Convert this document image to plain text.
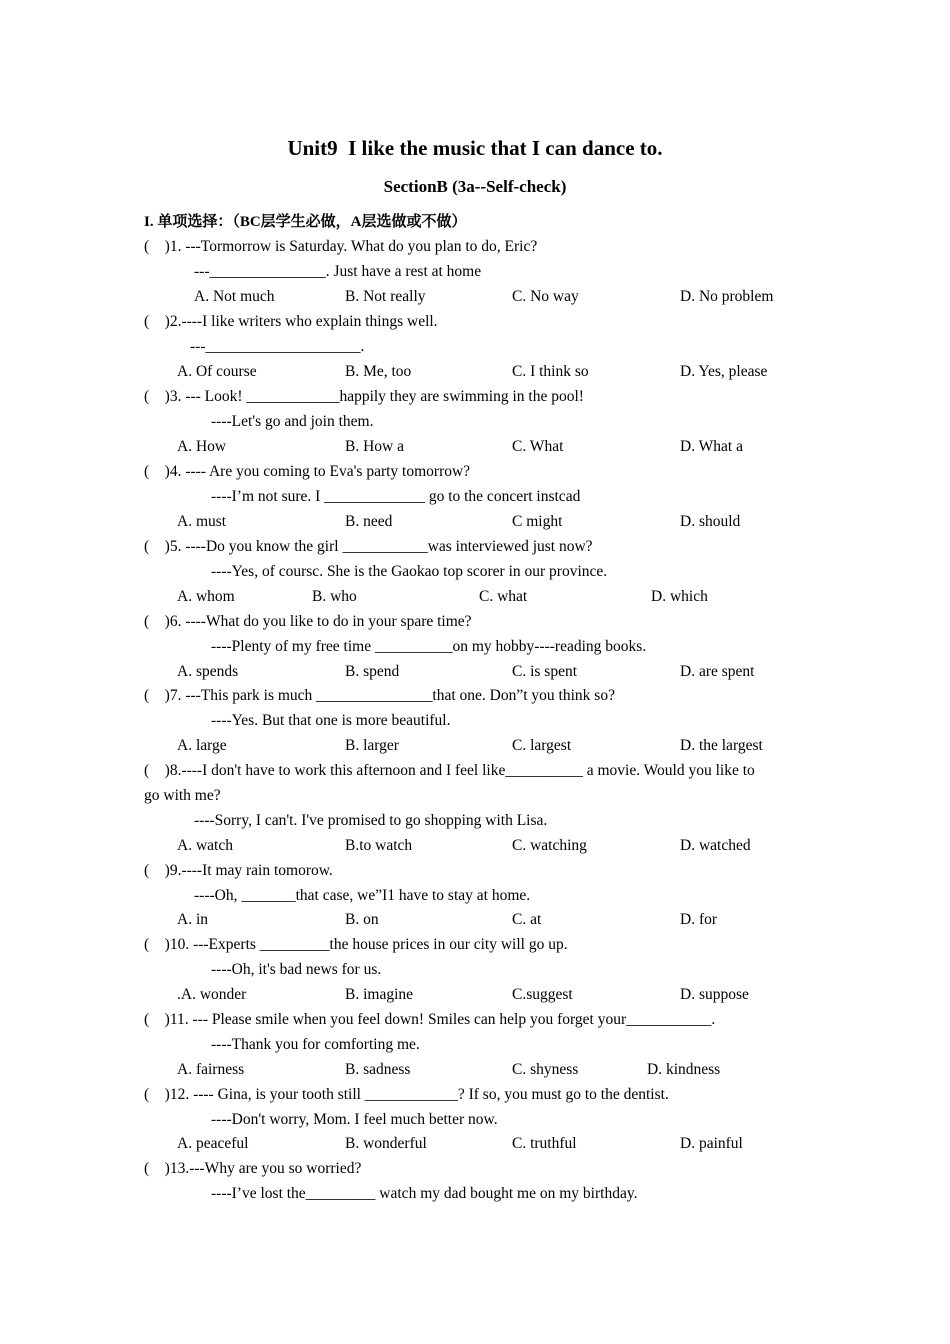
Unit9  I like the music that I can dance to.
SectionB (3a--Self-check)
I. 单项选择：（BC层学生必做，A层选做或不做）
(    )1. ---Tormorrow is Saturday. What do you plan to do, Eric?
---_______________. Just have a rest at home
A. Not much	B. Not really	C. No way	D. No problem
(    )2.----I like writers who explain things well.
---____________________.
A. Of course	B. Me, too	C. I think so	D. Yes, please
(    )3. --- Look! ____________happily they are swimming in the pool!
----Let's go and join them.
A. How	B. How a	C. What	D. What a
(    )4. ---- Are you coming to Eva's party tomorrow?
----I’m not sure. I _____________ go to the concert instcad
A. must	B. need	C might	D. should
(    )5. ----Do you know the girl ___________was interviewed just now?
----Yes, of coursc. She is the Gaokao top scorer in our province.
A. whom	B. who	C. what	D. which
(    )6. ----What do you like to do in your spare time?
----Plenty of my free time __________on my hobby----reading books.
A. spends	B. spend	C. is spent	D. are spent
(    )7. ---This park is much _______________that one. Don”t you think so?
----Yes. But that one is more beautiful.
A. large	B. larger	C. largest	D. the largest
(    )8.----I don't have to work this afternoon and I feel like__________ a movie. Would you like to
go with me?
----Sorry, I can't. I've promised to go shopping with Lisa.
A. watch	B.to watch	C. watching	D. watched
(    )9.----It may rain tomorow.
----Oh, _______that case, we”I1 have to stay at home.
A. in	B. on	C. at	D. for
(    )10. ---Experts _________the house prices in our city will go up.
----Oh, it's bad news for us.
.A. wonder	B. imagine	C.suggest	D. suppose
(    )11. --- Please smile when you feel down! Smiles can help you forget your___________.
----Thank you for comforting me.
A. fairness	B. sadness	C. shyness	D. kindness
(    )12. ---- Gina, is your tooth still ____________? If so, you must go to the dentist.
----Don't worry, Mom. I feel much better now.
A. peaceful	B. wonderful	C. truthful	D. painful
(    )13.---Why are you so worried?
----I’ve lost the_________ watch my dad bought me on my birthday.
